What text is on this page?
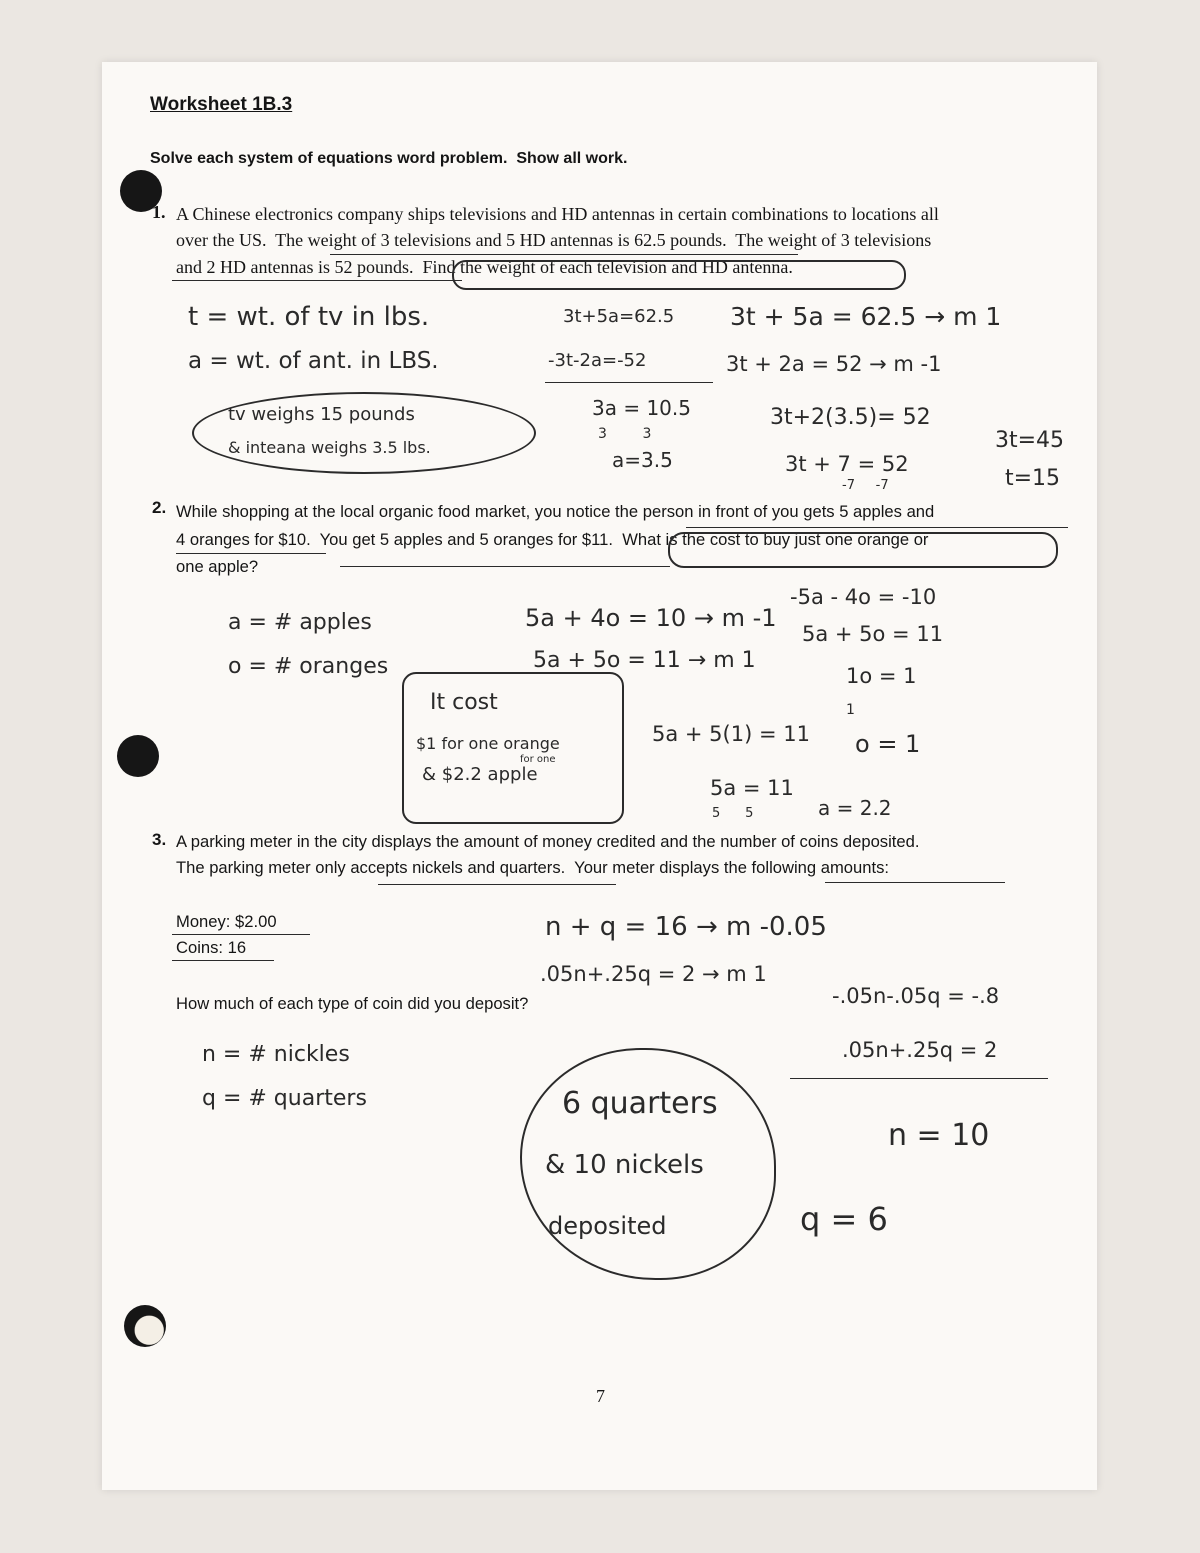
Worksheet 1B.3
Solve each system of equations word problem.  Show all work.
1. A Chinese electronics company ships televisions and HD antennas in certain combinations to locations all
over the US.  The weight of 3 televisions and 5 HD antennas is 62.5 pounds.  The weight of 3 televisions
and 2 HD antennas is 52 pounds.  Find the weight of each television and HD antenna.
t = wt. of tv in lbs.
a = wt. of ant. in LBS.
3t+5a=62.5
-3t-2a=-52
3a = 10.5
3        3
a=3.5
3t + 5a = 62.5 → m 1
3t + 2a = 52 → m -1
3t+2(3.5)= 52
3t + 7 = 52
-7     -7
3t=45
t=15
tv weighs 15 pounds
& inteana weighs 3.5 lbs.
2. While shopping at the local organic food market, you notice the person in front of you gets 5 apples and
4 oranges for $10.  You get 5 apples and 5 oranges for $11.  What is the cost to buy just one orange or
one apple?
a = # apples
o = # oranges
5a + 4o = 10 → m -1
5a + 5o = 11 → m 1
-5a - 4o = -10
5a + 5o = 11
1o = 1
1
o = 1
It cost
$1 for one orange
for one
& $2.2 apple
5a + 5(1) = 11
5a = 11
5      5	a = 2.2
3. A parking meter in the city displays the amount of money credited and the number of coins deposited.
The parking meter only accepts nickels and quarters.  Your meter displays the following amounts:
Money: $2.00
Coins: 16
n + q = 16 → m -0.05
.05n+.25q = 2 → m 1
How much of each type of coin did you deposit?	-.05n-.05q = -.8
.05n+.25q = 2
n = # nickles
q = # quarters	6 quarters
& 10 nickels
deposited
n = 10
q = 6
7
